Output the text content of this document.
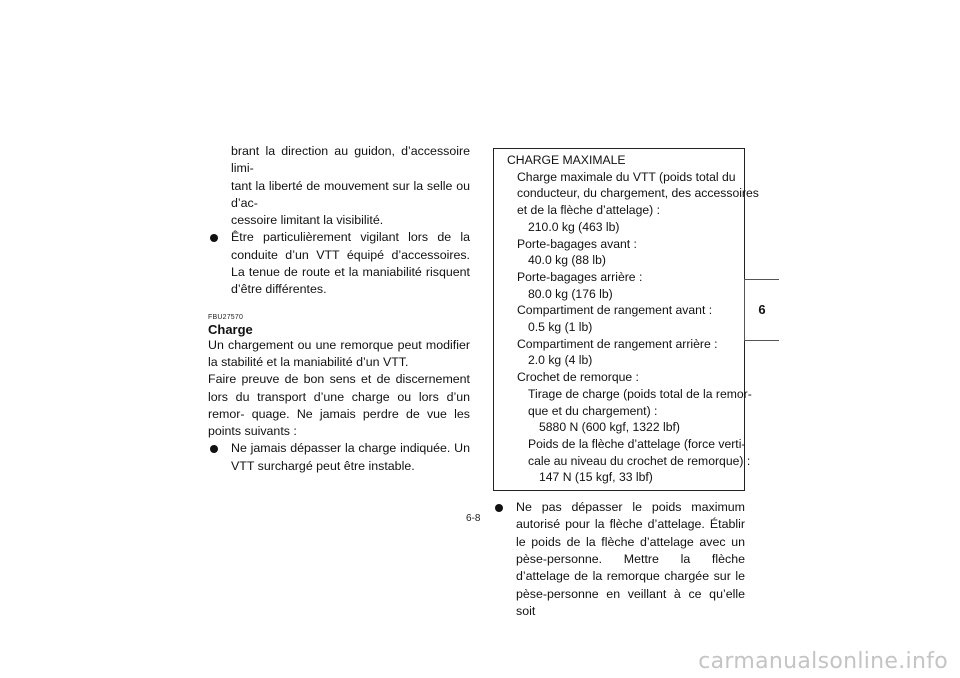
brant la direction au guidon, d’accessoire limi-
tant la liberté de mouvement sur la selle ou d’ac-
cessoire limitant la visibilité.

Être particulièrement vigilant lors de la conduite d’un VTT équipé d’accessoires. La tenue de route et la maniabilité risquent d’être différentes.

FBU27570

Charge

Un chargement ou une remorque peut modifier la stabilité et la maniabilité d’un VTT.

Faire preuve de bon sens et de discernement lors du transport d’une charge ou lors d’un remor- quage. Ne jamais perdre de vue les points suivants :

Ne jamais dépasser la charge indiquée. Un VTT surchargé peut être instable.

CHARGE MAXIMALE
Charge maximale du VTT (poids total du
conducteur, du chargement, des accessoires
et de la flèche d’attelage) :
210.0 kg (463 lb)
Porte-bagages avant :
40.0 kg (88 lb)
Porte-bagages arrière :
80.0 kg (176 lb)
Compartiment de rangement avant :
0.5 kg (1 lb)
Compartiment de rangement arrière :
2.0 kg (4 lb)
Crochet de remorque :
Tirage de charge (poids total de la remor-
que et du chargement) :
5880 N (600 kgf, 1322 lbf)
Poids de la flèche d’attelage (force verti-
cale au niveau du crochet de remorque) :
147 N (15 kgf, 33 lbf)

Ne pas dépasser le poids maximum autorisé pour la flèche d’attelage. Établir le poids de la flèche d’attelage avec un pèse-personne. Mettre la flèche d’attelage de la remorque chargée sur le pèse-personne en veillant à ce qu’elle soit

6
6-8
carmanualsonline.info
